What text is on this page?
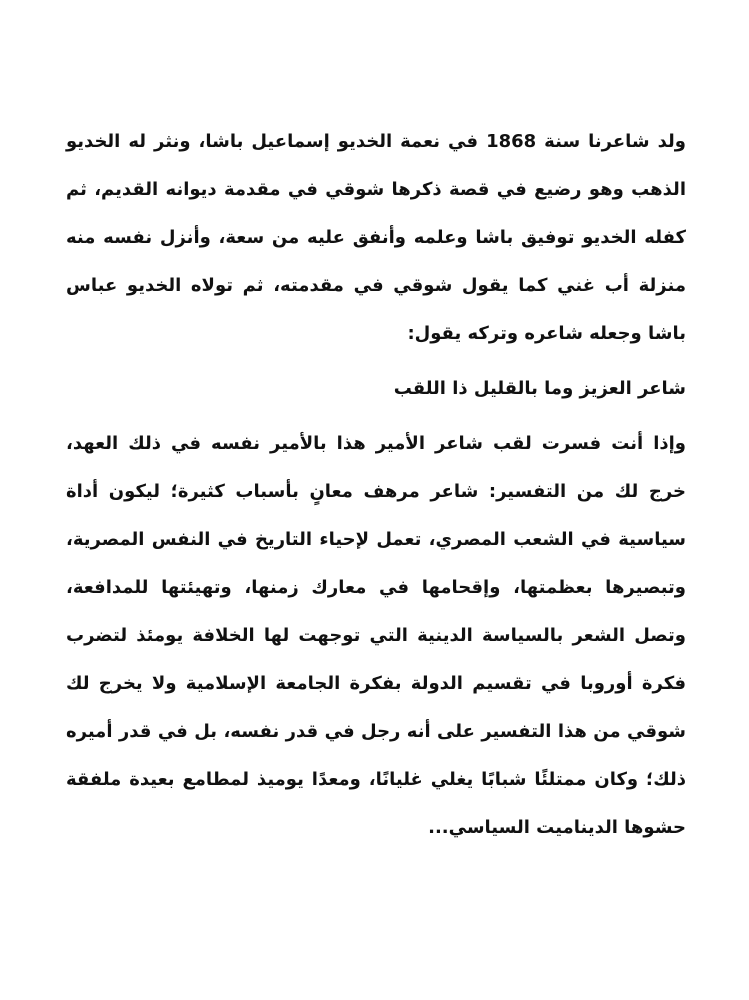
ولد شاعرنا سنة 1868 في نعمة الخديو إسماعيل باشا، ونثر له الخديو الذهب وهو رضيع في قصة ذكرها شوقي في مقدمة ديوانه القديم، ثم كفله الخديو توفيق باشا وعلمه وأنفق عليه من سعة، وأنزل نفسه منه منزلة أب غني كما يقول شوقي في مقدمته، ثم تولاه الخديو عباس باشا وجعله شاعره وتركه يقول:

شاعر العزيز وما بالقليل ذا اللقب

وإذا أنت فسرت لقب شاعر الأمير هذا بالأمير نفسه في ذلك العهد، خرج لك من التفسير: شاعر مرهف معانٍ بأسباب كثيرة؛ ليكون أداة سياسية في الشعب المصري، تعمل لإحياء التاريخ في النفس المصرية، وتبصيرها بعظمتها، وإقحامها في معارك زمنها، وتهيئتها للمدافعة، وتصل الشعر بالسياسة الدينية التي توجهت لها الخلافة يومئذ لتضرب فكرة أوروبا في تقسيم الدولة بفكرة الجامعة الإسلامية ولا يخرج لك شوقي من هذا التفسير على أنه رجل في قدر نفسه، بل في قدر أميره ذلك؛ وكان ممتلئًا شبابًا يغلي غليانًا، ومعدًا يوميذ لمطامع بعيدة ملفقة حشوها الديناميت السياسي...
